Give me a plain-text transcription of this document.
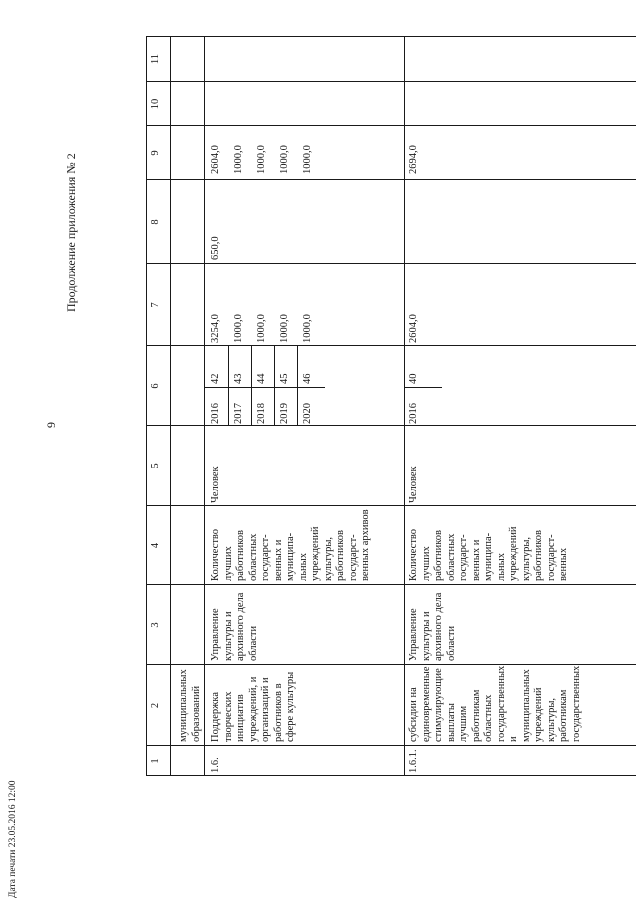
9
Продолжение приложения № 2
Дата печати 23.05.2016 12:00
1
2
3
4
5
6
7
8
9
10
11
муниципальных образований
1.6.
Поддержка творческих инициатив учреждений, и организаций и работников в сфере культуры
Управление культуры и архивного дела области
Количество лучших работников областных государст-венных и муниципа-льных учреждений культуры, работников государст-венных архивов
Человек
2016
42
3254,0
650,0
2604,0
2017
43
1000,0
1000,0
2018
44
1000,0
1000,0
2019
45
1000,0
1000,0
2020
46
1000,0
1000,0
1.6.1.
субсидии на единовременные стимулирующие выплаты лучшим работникам областных государственных и муниципальных учреждений культуры, работникам государственных
Управление культуры и архивного дела области
Количество лучших работников областных государст-венных и муниципа-льных учреждений культуры, работников государст-венных
Человек
2016
40
2604,0
2694,0
